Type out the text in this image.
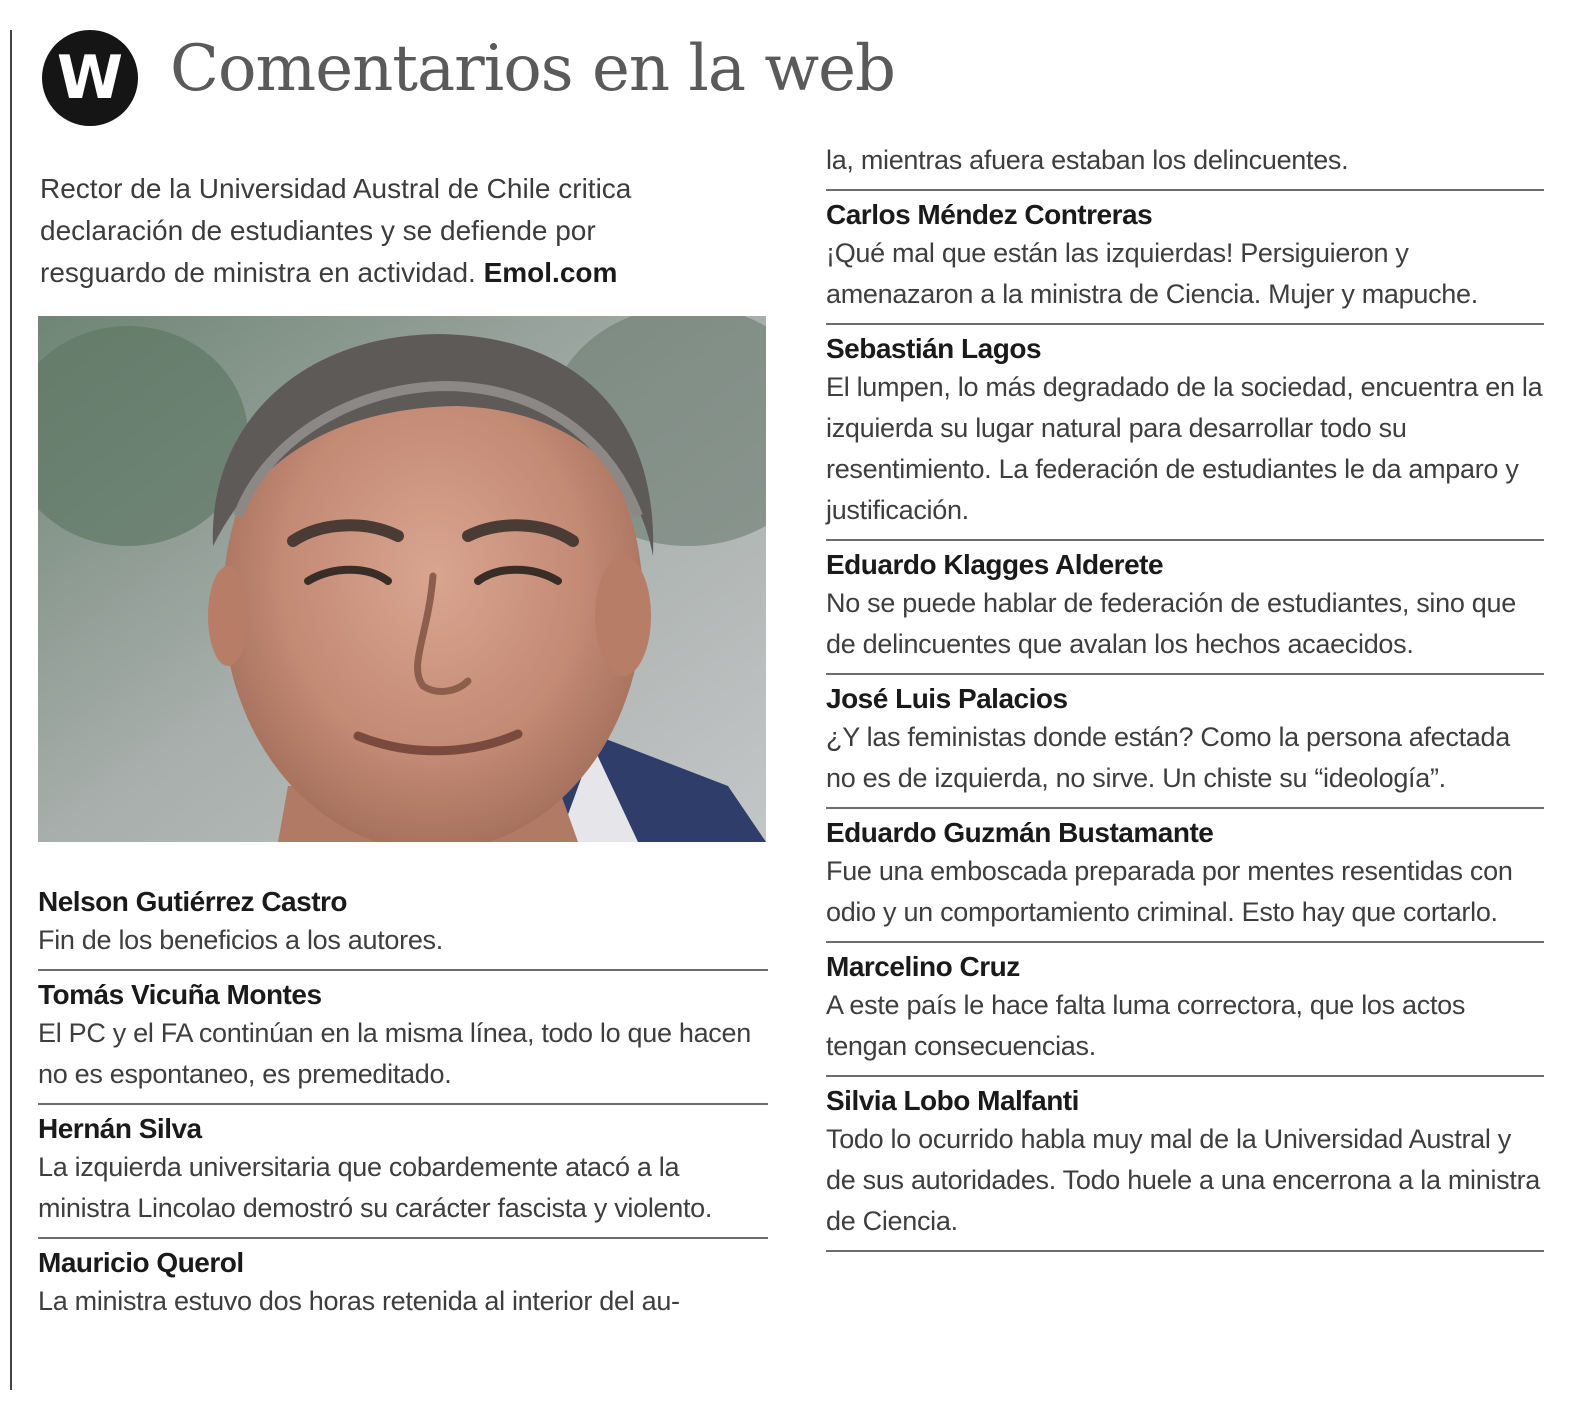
W Comentarios en la web

Rector de la Universidad Austral de Chile critica declaración de estudiantes y se defiende por resguardo de ministra en actividad. Emol.com

Nelson Gutiérrez Castro

Fin de los beneficios a los autores.

Tomás Vicuña Montes

El PC y el FA continúan en la misma línea, todo lo que hacen no es espontaneo, es premeditado.

Hernán Silva

La izquierda universitaria que cobardemente atacó a la ministra Lincolao demostró su carácter fascista y violento.

Mauricio Querol

La ministra estuvo dos horas retenida al interior del au-

la, mientras afuera estaban los delincuentes.

Carlos Méndez Contreras

¡Qué mal que están las izquierdas! Persiguieron y amenazaron a la ministra de Ciencia. Mujer y mapuche.

Sebastián Lagos

El lumpen, lo más degradado de la sociedad, encuentra en la izquierda su lugar natural para desarrollar todo su resentimiento. La federación de estudiantes le da amparo y justificación.

Eduardo Klagges Alderete

No se puede hablar de federación de estudiantes, sino que de delincuentes que avalan los hechos acaecidos.

José Luis Palacios

¿Y las feministas donde están? Como la persona afectada no es de izquierda, no sirve. Un chiste su “ideología”.

Eduardo Guzmán Bustamante

Fue una emboscada preparada por mentes resentidas con odio y un comportamiento criminal. Esto hay que cortarlo.

Marcelino Cruz

A este país le hace falta luma correctora, que los actos tengan consecuencias.

Silvia Lobo Malfanti

Todo lo ocurrido habla muy mal de la Universidad Austral y de sus autoridades. Todo huele a una encerrona a la ministra de Ciencia.
